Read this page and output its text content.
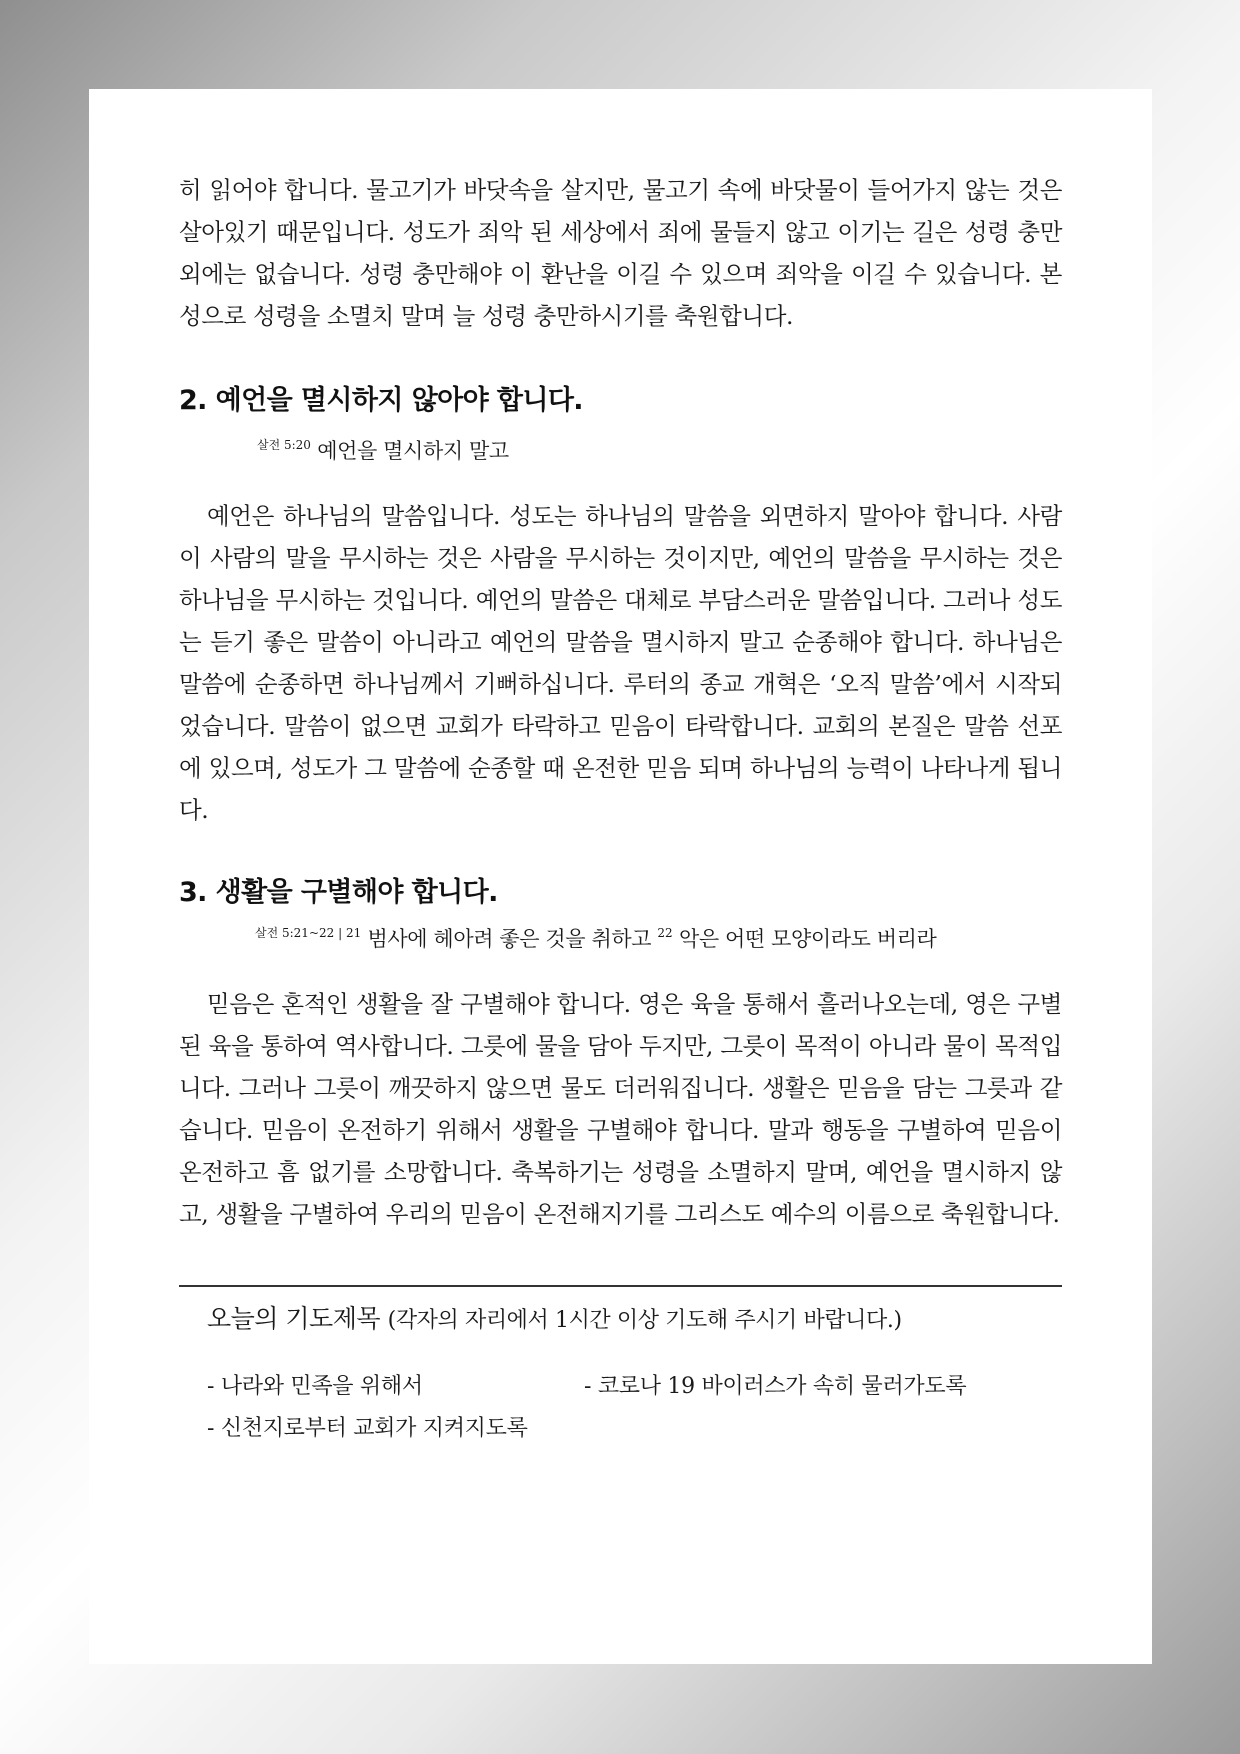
히 읽어야 합니다. 물고기가 바닷속을 살지만, 물고기 속에 바닷물이 들어가지 않는 것은 살아있기 때문입니다. 성도가 죄악 된 세상에서 죄에 물들지 않고 이기는 길은 성령 충만 외에는 없습니다. 성령 충만해야 이 환난을 이길 수 있으며 죄악을 이길 수 있습니다. 본성으로 성령을 소멸치 말며 늘 성령 충만하시기를 축원합니다.

2. 예언을 멸시하지 않아야 합니다.

$^{살전 5:20}$ 예언을 멸시하지 말고

예언은 하나님의 말씀입니다. 성도는 하나님의 말씀을 외면하지 말아야 합니다. 사람이 사람의 말을 무시하는 것은 사람을 무시하는 것이지만, 예언의 말씀을 무시하는 것은 하나님을 무시하는 것입니다. 예언의 말씀은 대체로 부담스러운 말씀입니다. 그러나 성도는 듣기 좋은 말씀이 아니라고 예언의 말씀을 멸시하지 말고 순종해야 합니다. 하나님은 말씀에 순종하면 하나님께서 기뻐하십니다. 루터의 종교 개혁은 ‘오직 말씀’에서 시작되었습니다. 말씀이 없으면 교회가 타락하고 믿음이 타락합니다. 교회의 본질은 말씀 선포에 있으며, 성도가 그 말씀에 순종할 때 온전한 믿음 되며 하나님의 능력이 나타나게 됩니다.

3. 생활을 구별해야 합니다.

$^{살전 5:21\sim 22 | 21}$ 범사에 헤아려 좋은 것을 취하고 $^{22}$ 악은 어떤 모양이라도 버리라

믿음은 혼적인 생활을 잘 구별해야 합니다. 영은 육을 통해서 흘러나오는데, 영은 구별된 육을 통하여 역사합니다. 그릇에 물을 담아 두지만, 그릇이 목적이 아니라 물이 목적입니다. 그러나 그릇이 깨끗하지 않으면 물도 더러워집니다. 생활은 믿음을 담는 그릇과 같습니다. 믿음이 온전하기 위해서 생활을 구별해야 합니다. 말과 행동을 구별하여 믿음이 온전하고 흠 없기를 소망합니다. 축복하기는 성령을 소멸하지 말며, 예언을 멸시하지 않고, 생활을 구별하여 우리의 믿음이 온전해지기를 그리스도 예수의 이름으로 축원합니다.

오늘의 기도제목 (각자의 자리에서 1시간 이상 기도해 주시기 바랍니다.)

- 나라와 민족을 위해서	- 코로나 19 바이러스가 속히 물러가도록
- 신천지로부터 교회가 지켜지도록
